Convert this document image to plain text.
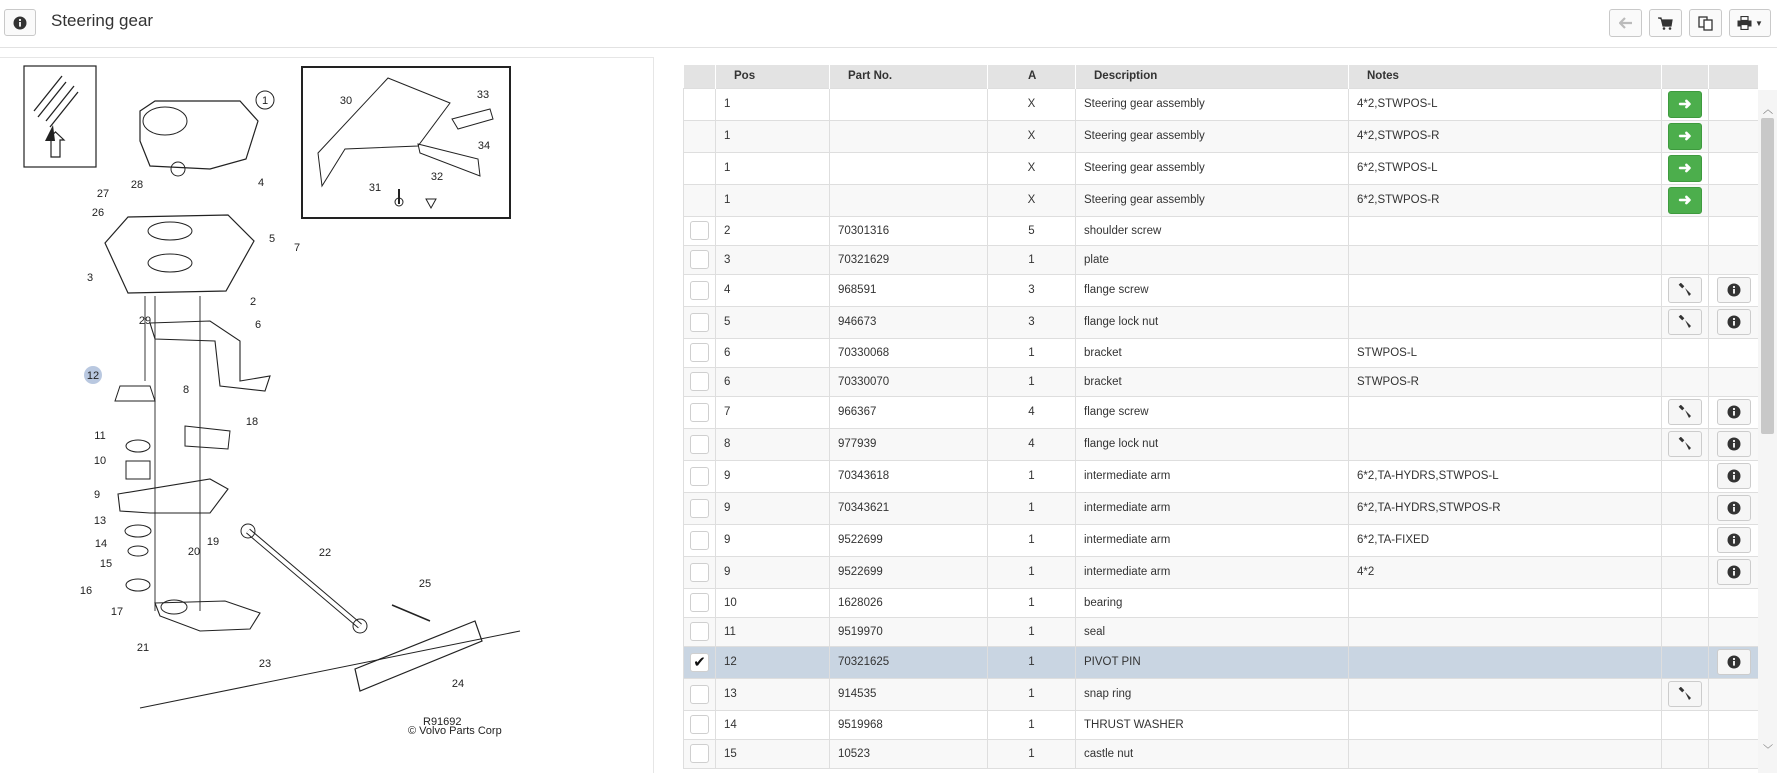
Steering gear	▼
1
2
3
4
5
6
7
8
9
10
11
12
13
14
15
16
17
18
19
20
21
22
23
24
25
26
27
28
29
30
31
32
33
34
R91692
© Volvo Parts Corp
	Pos	Part No.	A	Description	Notes		
	1		X	Steering gear assembly	4*2,STWPOS-L	➜	

	1		X	Steering gear assembly	4*2,STWPOS-R	➜	

	1		X	Steering gear assembly	6*2,STWPOS-L	➜	

	1		X	Steering gear assembly	6*2,STWPOS-R	➜	

	2	70301316	5	shoulder screw			
	3	70321629	1	plate			
	4	968591	3	flange screw		

	5	946673	3	flange lock nut		

	6	70330068	1	bracket	STWPOS-L		
	6	70330070	1	bracket	STWPOS-R		
	7	966367	4	flange screw		

	8	977939	4	flange lock nut		

	9	70343618	1	intermediate arm	6*2,TA-HYDRS,STWPOS-L		

	9	70343621	1	intermediate arm	6*2,TA-HYDRS,STWPOS-R		

	9	9522699	1	intermediate arm	6*2,TA-FIXED		

	9	9522699	1	intermediate arm	4*2		

	10	1628026	1	bearing			
	11	9519970	1	seal			
✔	12	70321625	1	PIVOT PIN			

	13	914535	1	snap ring		

	14	9519968	1	THRUST WASHER			
	15	10523	1	castle nut			
︿
﹀
